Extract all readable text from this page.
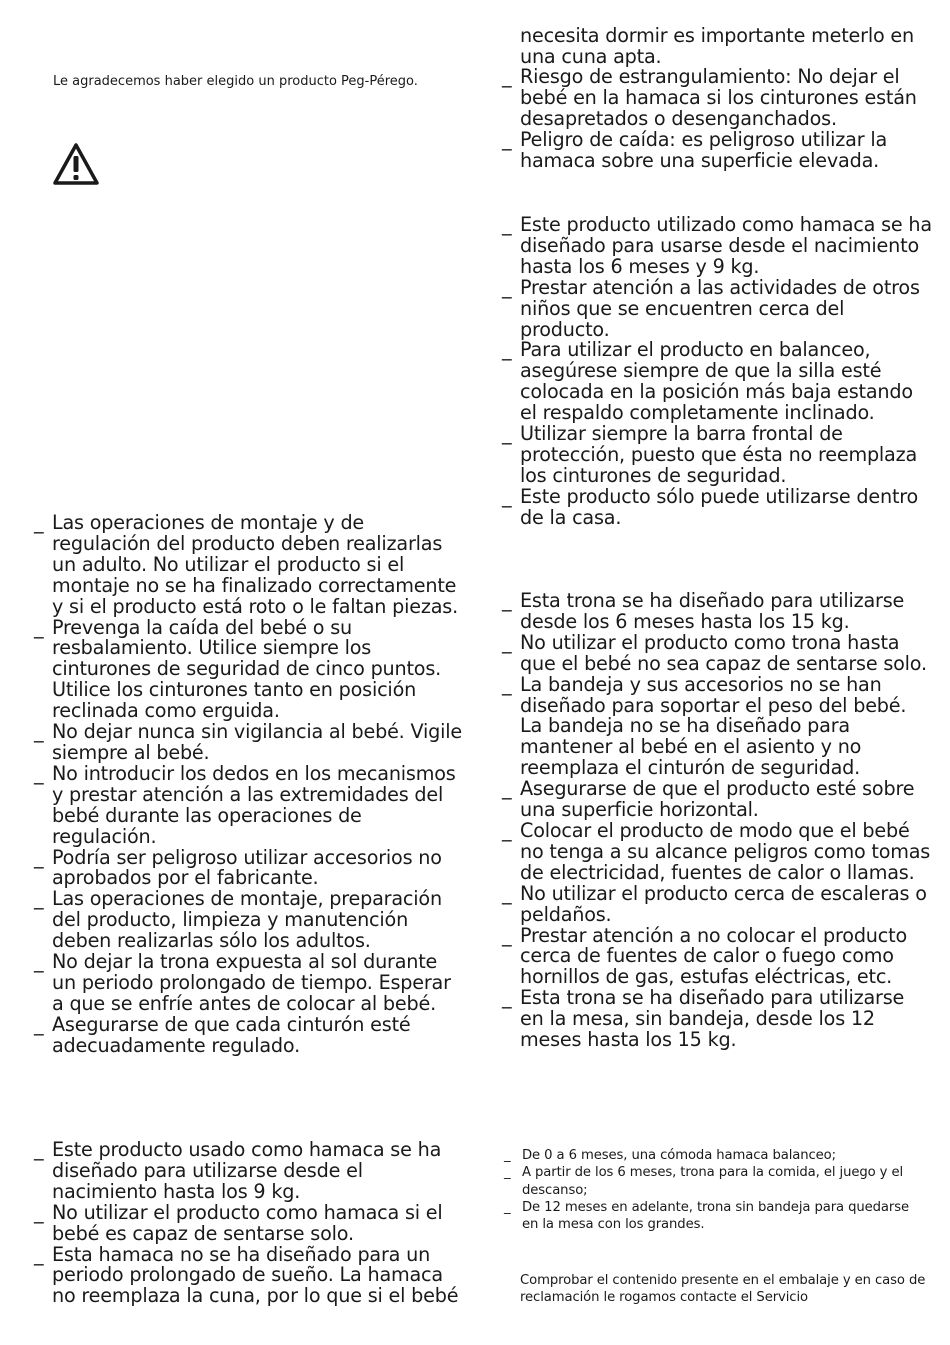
Le agradecemos haber elegido un producto Peg-Pérego.

_ Las operaciones de montaje y de regulación del producto deben realizarlas un adulto. No utilizar el producto si el montaje no se ha finalizado correctamente y si el producto está roto o le faltan piezas.
_ Prevenga la caída del bebé o su resbalamiento. Utilice siempre los cinturones de seguridad de cinco puntos. Utilice los cinturones tanto en posición reclinada como erguida.
_ No dejar nunca sin vigilancia al bebé. Vigile siempre al bebé.
_ No introducir los dedos en los mecanismos y prestar atención a las extremidades del bebé durante las operaciones de regulación.
_ Podría ser peligroso utilizar accesorios no aprobados por el fabricante.
_ Las operaciones de montaje, preparación del producto, limpieza y manutención deben realizarlas sólo los adultos.
_ No dejar la trona expuesta al sol durante un periodo prolongado de tiempo. Esperar a que se enfríe antes de colocar al bebé.
_ Asegurarse de que cada cinturón esté adecuadamente regulado.
_ Este producto usado como hamaca se ha diseñado para utilizarse desde el nacimiento hasta los 9 kg.
_ No utilizar el producto como hamaca si el bebé es capaz de sentarse solo.
_ Esta hamaca no se ha diseñado para un periodo prolongado de sueño. La hamaca no reemplaza la cuna, por lo que si el bebé

necesita dormir es importante meterlo en una cuna apta.

_ Riesgo de estrangulamiento: No dejar el bebé en la hamaca si los cinturones están desapretados o desenganchados.
_ Peligro de caída: es peligroso utilizar la hamaca sobre una superficie elevada.
_ Este producto utilizado como hamaca se ha diseñado para usarse desde el nacimiento hasta los 6 meses y 9 kg.
_ Prestar atención a las actividades de otros niños que se encuentren cerca del producto.
_ Para utilizar el producto en balanceo, asegúrese siempre de que la silla esté colocada en la posición más baja estando el respaldo completamente inclinado.
_ Utilizar siempre la barra frontal de protección, puesto que ésta no reemplaza los cinturones de seguridad.
_ Este producto sólo puede utilizarse dentro de la casa.
_ Esta trona se ha diseñado para utilizarse desde los 6 meses hasta los 15 kg.
_ No utilizar el producto como trona hasta que el bebé no sea capaz de sentarse solo.
_ La bandeja y sus accesorios no se han diseñado para soportar el peso del bebé. La bandeja no se ha diseñado para mantener al bebé en el asiento y no reemplaza el cinturón de seguridad.
_ Asegurarse de que el producto esté sobre una superficie horizontal.
_ Colocar el producto de modo que el bebé no tenga a su alcance peligros como tomas de electricidad, fuentes de calor o llamas.
_ No utilizar el producto cerca de escaleras o peldaños.
_ Prestar atención a no colocar el producto cerca de fuentes de calor o fuego como hornillos de gas, estufas eléctricas, etc.
_ Esta trona se ha diseñado para utilizarse en la mesa, sin bandeja, desde los 12 meses hasta los 15 kg.
_ De 0 a 6 meses, una cómoda hamaca balanceo;
_ A partir de los 6 meses, trona para la comida, el juego y el descanso;
_ De 12 meses en adelante, trona sin bandeja para quedarse en la mesa con los grandes.

Comprobar el contenido presente en el embalaje y en caso de reclamación le rogamos contacte el Servicio
